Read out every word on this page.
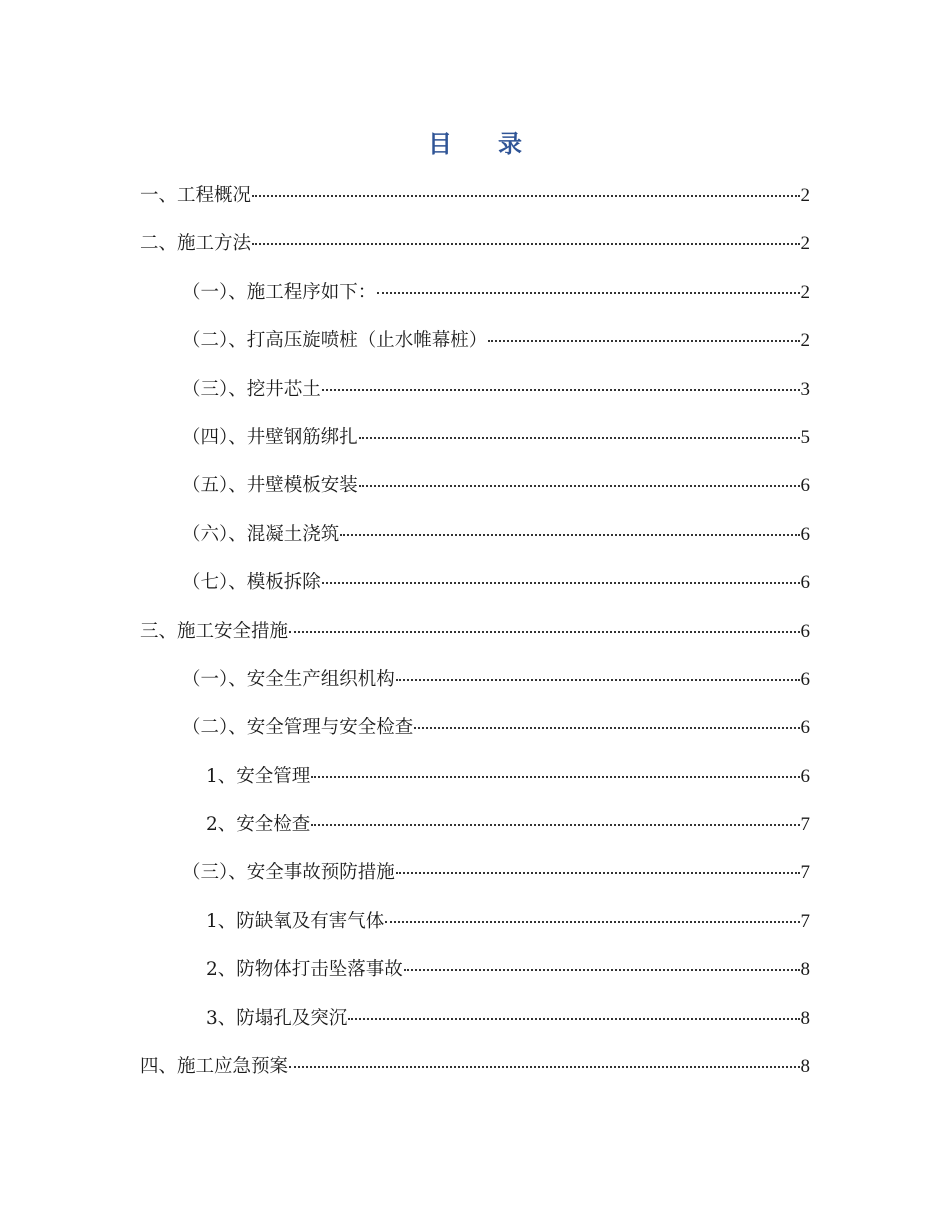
目 录
一、工程概况	2
二、施工方法	2
（一）、施工程序如下：	2
（二）、打高压旋喷桩（止水帷幕桩）	2
（三）、挖井芯土	3
（四）、井壁钢筋绑扎	5
（五）、井壁模板安装	6
（六）、混凝土浇筑	6
（七）、模板拆除	6
三、施工安全措施	6
（一）、安全生产组织机构	6
（二）、安全管理与安全检查	6
1、安全管理	6
2、安全检查	7
（三）、安全事故预防措施	7
1、防缺氧及有害气体	7
2、防物体打击坠落事故	8
3、防塌孔及突沉	8
四、施工应急预案	8
